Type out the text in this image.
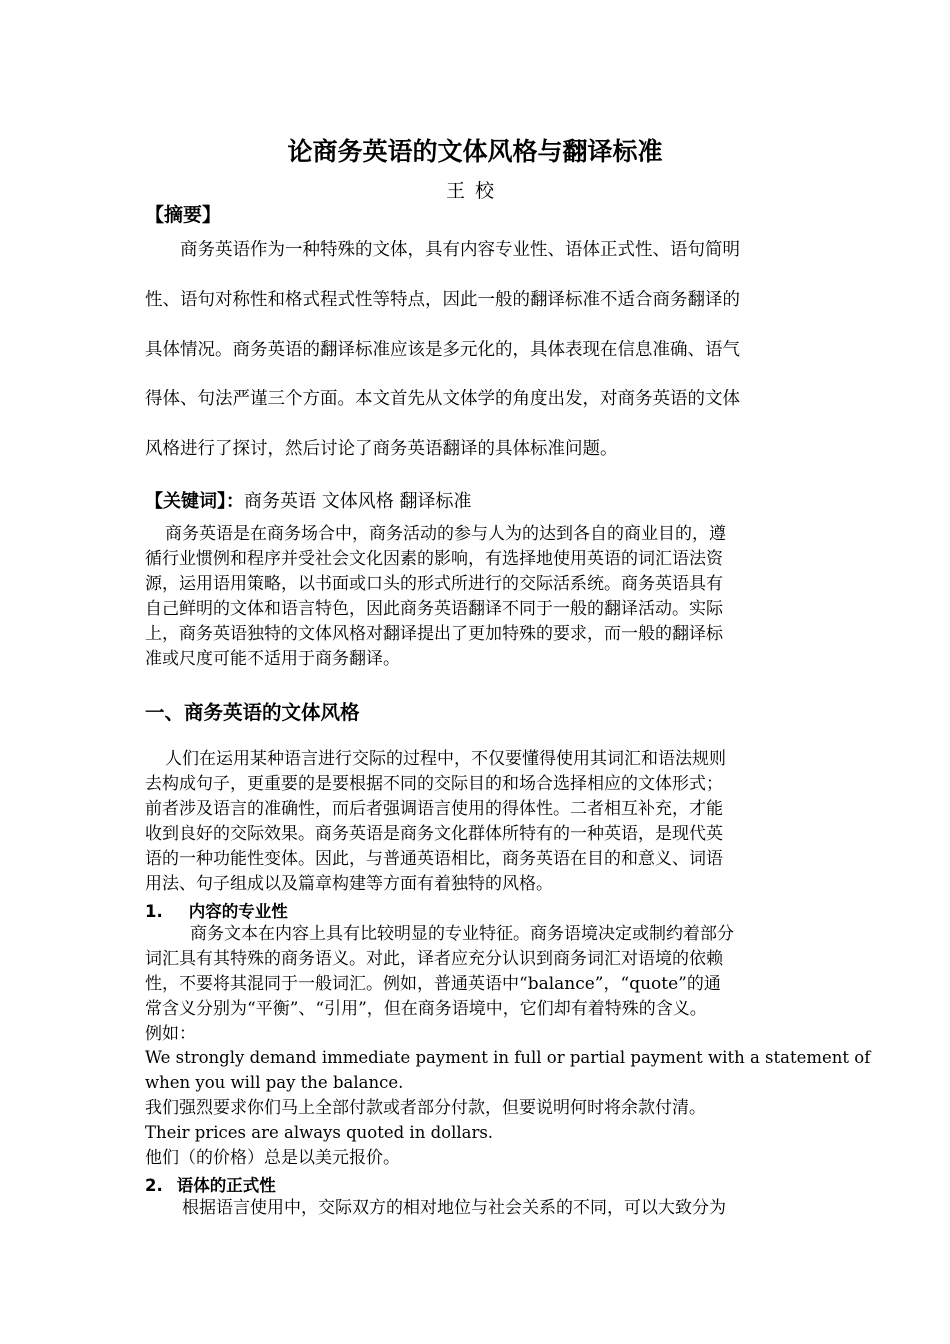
论商务英语的文体风格与翻译标准
王校
【摘要】
商务英语作为一种特殊的文体，具有内容专业性、语体正式性、语句简明
性、语句对称性和格式程式性等特点，因此一般的翻译标准不适合商务翻译的
具体情况。商务英语的翻译标准应该是多元化的，具体表现在信息准确、语气
得体、句法严谨三个方面。本文首先从文体学的角度出发，对商务英语的文体
风格进行了探讨，然后讨论了商务英语翻译的具体标准问题。
【关键词】：商务英语 文体风格 翻译标准
商务英语是在商务场合中，商务活动的参与人为的达到各自的商业目的，遵
循行业惯例和程序并受社会文化因素的影响，有选择地使用英语的词汇语法资
源，运用语用策略，以书面或口头的形式所进行的交际活系统。商务英语具有
自己鲜明的文体和语言特色，因此商务英语翻译不同于一般的翻译活动。实际
上，商务英语独特的文体风格对翻译提出了更加特殊的要求，而一般的翻译标
准或尺度可能不适用于商务翻译。
一、商务英语的文体风格
人们在运用某种语言进行交际的过程中，不仅要懂得使用其词汇和语法规则
去构成句子，更重要的是要根据不同的交际目的和场合选择相应的文体形式；
前者涉及语言的准确性，而后者强调语言使用的得体性。二者相互补充，才能
收到良好的交际效果。商务英语是商务文化群体所特有的一种英语，是现代英
语的一种功能性变体。因此，与普通英语相比，商务英语在目的和意义、词语
用法、句子组成以及篇章构建等方面有着独特的风格。
1. 内容的专业性
商务文本在内容上具有比较明显的专业特征。商务语境决定或制约着部分
词汇具有其特殊的商务语义。对此，译者应充分认识到商务词汇对语境的依赖
性，不要将其混同于一般词汇。例如，普通英语中“balance”，“quote”的通
常含义分别为“平衡”、“引用”，但在商务语境中，它们却有着特殊的含义。
例如：
We strongly demand immediate payment in full or partial payment with a statement of
when you will pay the balance.
我们强烈要求你们马上全部付款或者部分付款，但要说明何时将余款付清。
Their prices are always quoted in dollars.
他们（的价格）总是以美元报价。
2. 语体的正式性
根据语言使用中，交际双方的相对地位与社会关系的不同，可以大致分为
